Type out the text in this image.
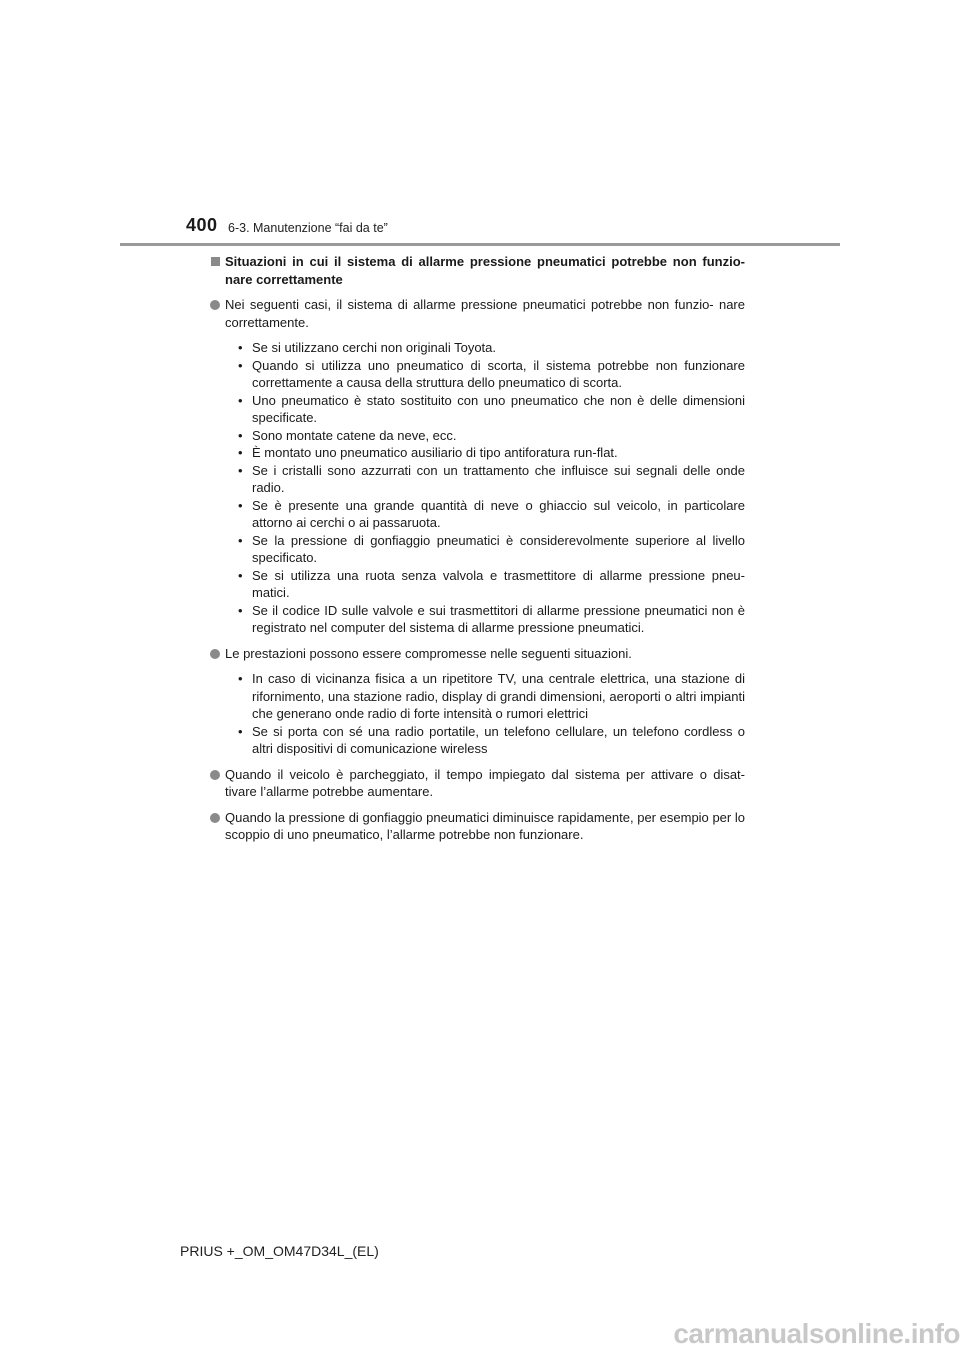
400 6-3. Manutenzione “fai da te”
Situazioni in cui il sistema di allarme pressione pneumatici potrebbe non funzio- nare correttamente
Nei seguenti casi, il sistema di allarme pressione pneumatici potrebbe non funzio- nare correttamente.
• Se si utilizzano cerchi non originali Toyota.
• Quando si utilizza uno pneumatico di scorta, il sistema potrebbe non funzionare correttamente a causa della struttura dello pneumatico di scorta.
• Uno pneumatico è stato sostituito con uno pneumatico che non è delle dimensioni specificate.
• Sono montate catene da neve, ecc.
• È montato uno pneumatico ausiliario di tipo antiforatura run-flat.
• Se i cristalli sono azzurrati con un trattamento che influisce sui segnali delle onde radio.
• Se è presente una grande quantità di neve o ghiaccio sul veicolo, in particolare attorno ai cerchi o ai passaruota.
• Se la pressione di gonfiaggio pneumatici è considerevolmente superiore al livello specificato.
• Se si utilizza una ruota senza valvola e trasmettitore di allarme pressione pneu- matici.
• Se il codice ID sulle valvole e sui trasmettitori di allarme pressione pneumatici non è registrato nel computer del sistema di allarme pressione pneumatici.
Le prestazioni possono essere compromesse nelle seguenti situazioni.
• In caso di vicinanza fisica a un ripetitore TV, una centrale elettrica, una stazione di rifornimento, una stazione radio, display di grandi dimensioni, aeroporti o altri impianti che generano onde radio di forte intensità o rumori elettrici
• Se si porta con sé una radio portatile, un telefono cellulare, un telefono cordless o altri dispositivi di comunicazione wireless
Quando il veicolo è parcheggiato, il tempo impiegato dal sistema per attivare o disat- tivare l’allarme potrebbe aumentare.
Quando la pressione di gonfiaggio pneumatici diminuisce rapidamente, per esempio per lo scoppio di uno pneumatico, l’allarme potrebbe non funzionare.
PRIUS +_OM_OM47D34L_(EL)
carmanualsonline.info
